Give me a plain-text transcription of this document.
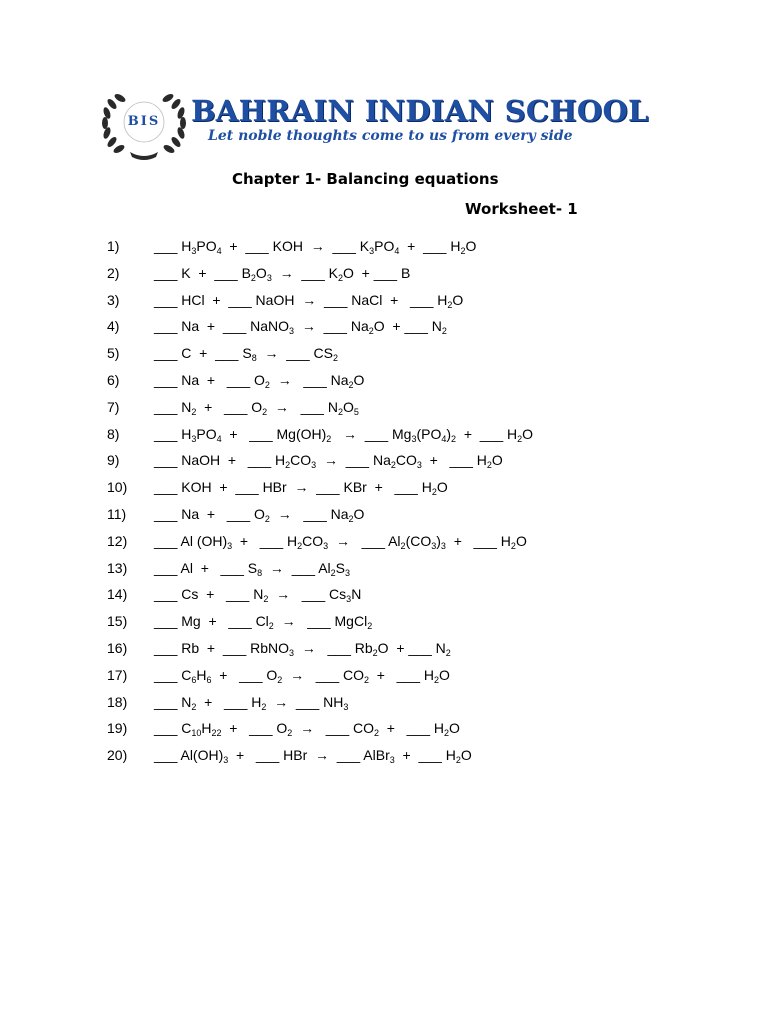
BIS BAHRAIN INDIAN SCHOOL
Let noble thoughts come to us from every side
Chapter 1- Balancing equations
Worksheet- 1
1) ___ $H_3PO_4$  +  ___ KOH  →  ___ $K_3PO_4$  +  ___ $H_2O$
2) ___ K  +  ___ $B_2O_3$  →  ___ $K_2O$  + ___ B
3) ___ HCl  +  ___ NaOH  →  ___ NaCl  +   ___ $H_2O$
4) ___ Na  +  ___ NaNO$_3$  →  ___ $Na_2O$  + ___ $N_2$
5) ___ C  +  ___ $S_8$  →  ___ $CS_2$
6) ___ Na  +   ___ $O_2$  →   ___ $Na_2O$
7) ___ $N_2$  +   ___ $O_2$  →   ___ $N_2O_5$
8) ___ $H_3PO_4$  +   ___ $Mg(OH)_2$   →  ___ $Mg_3(PO_4)_2$  +  ___ $H_2O$
9) ___ NaOH  +   ___ $H_2CO_3$  →  ___ $Na_2CO_3$  +   ___ $H_2O$
10) ___ KOH  +  ___ HBr  →  ___ KBr  +   ___ $H_2O$
11) ___ Na  +   ___ $O_2$  →   ___ $Na_2O$
12) ___ Al $(OH)_3$  +   ___ $H_2CO_3$  →   ___ $Al_2(CO_3)_3$  +   ___ $H_2O$
13) ___ Al  +   ___ $S_8$  →  ___ $Al_2S_3$
14) ___ Cs  +   ___ $N_2$  →   ___ $Cs_3N$
15) ___ Mg  +   ___ $Cl_2$  →   ___ MgCl$_2$
16) ___ Rb  +  ___ RbNO$_3$  →   ___ $Rb_2O$  + ___ $N_2$
17) ___ $C_6H_6$  +   ___ $O_2$  →   ___ $CO_2$  +   ___ $H_2O$
18) ___ $N_2$  +   ___ $H_2$  →  ___ $NH_3$
19) ___ $C_{10}H_{22}$  +   ___ $O_2$  →   ___ $CO_2$  +   ___ $H_2O$
20) ___ $Al(OH)_3$  +   ___ HBr  →  ___ AlBr$_3$  +  ___ $H_2O$
